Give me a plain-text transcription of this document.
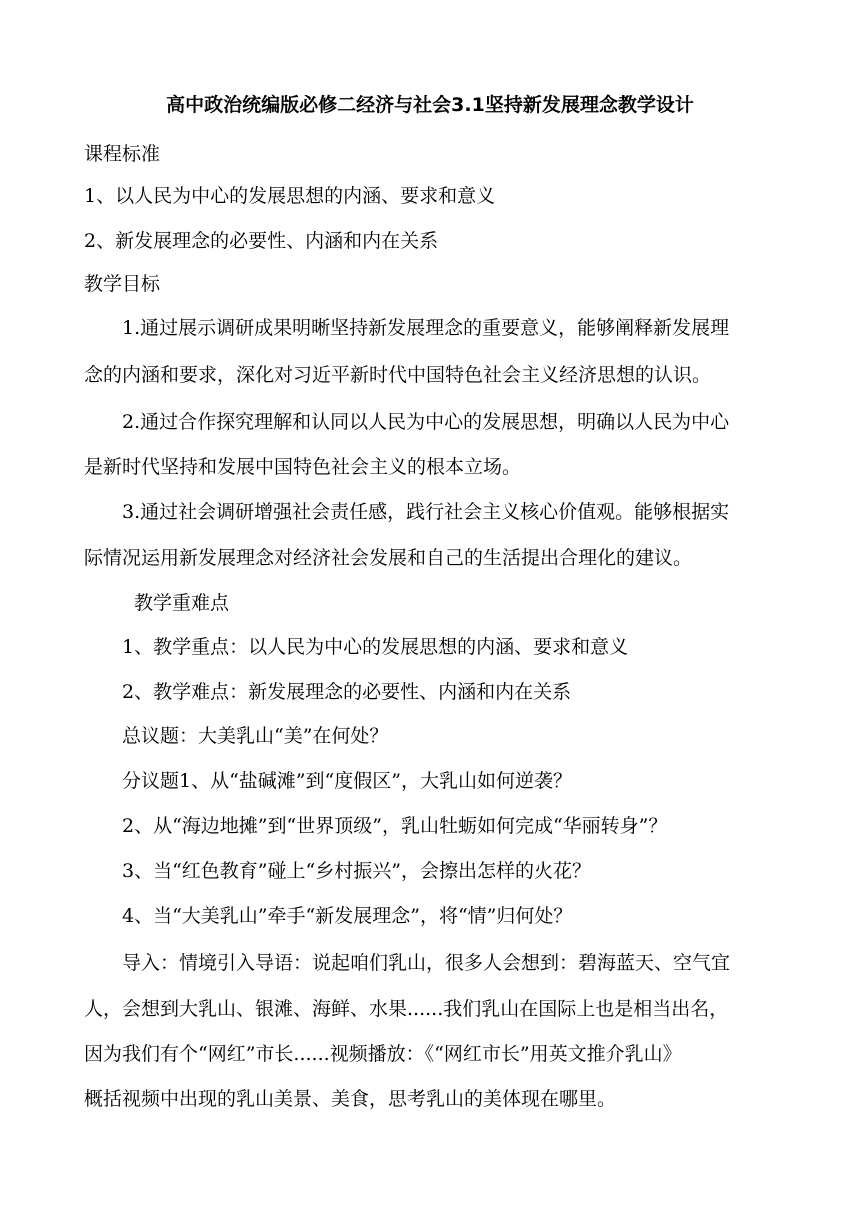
高中政治统编版必修二经济与社会3.1坚持新发展理念教学设计
课程标准
1、以人民为中心的发展思想的内涵、要求和意义
2、新发展理念的必要性、内涵和内在关系
教学目标
1.通过展示调研成果明晰坚持新发展理念的重要意义，能够阐释新发展理
念的内涵和要求，深化对习近平新时代中国特色社会主义经济思想的认识。
2.通过合作探究理解和认同以人民为中心的发展思想，明确以人民为中心
是新时代坚持和发展中国特色社会主义的根本立场。
3.通过社会调研增强社会责任感，践行社会主义核心价值观。能够根据实
际情况运用新发展理念对经济社会发展和自己的生活提出合理化的建议。
教学重难点
1、教学重点：以人民为中心的发展思想的内涵、要求和意义
2、教学难点：新发展理念的必要性、内涵和内在关系
总议题：大美乳山“美”在何处？
分议题1、从“盐碱滩”到“度假区”，大乳山如何逆袭？
2、从“海边地摊”到“世界顶级”，乳山牡蛎如何完成“华丽转身”？
3、当“红色教育”碰上“乡村振兴”，会擦出怎样的火花？
4、当“大美乳山”牵手“新发展理念”，将“情”归何处？
导入：情境引入导语：说起咱们乳山，很多人会想到：碧海蓝天、空气宜
人，会想到大乳山、银滩、海鲜、水果......我们乳山在国际上也是相当出名，
因为我们有个“网红”市长......视频播放：《“网红市长”用英文推介乳山》
概括视频中出现的乳山美景、美食，思考乳山的美体现在哪里。
